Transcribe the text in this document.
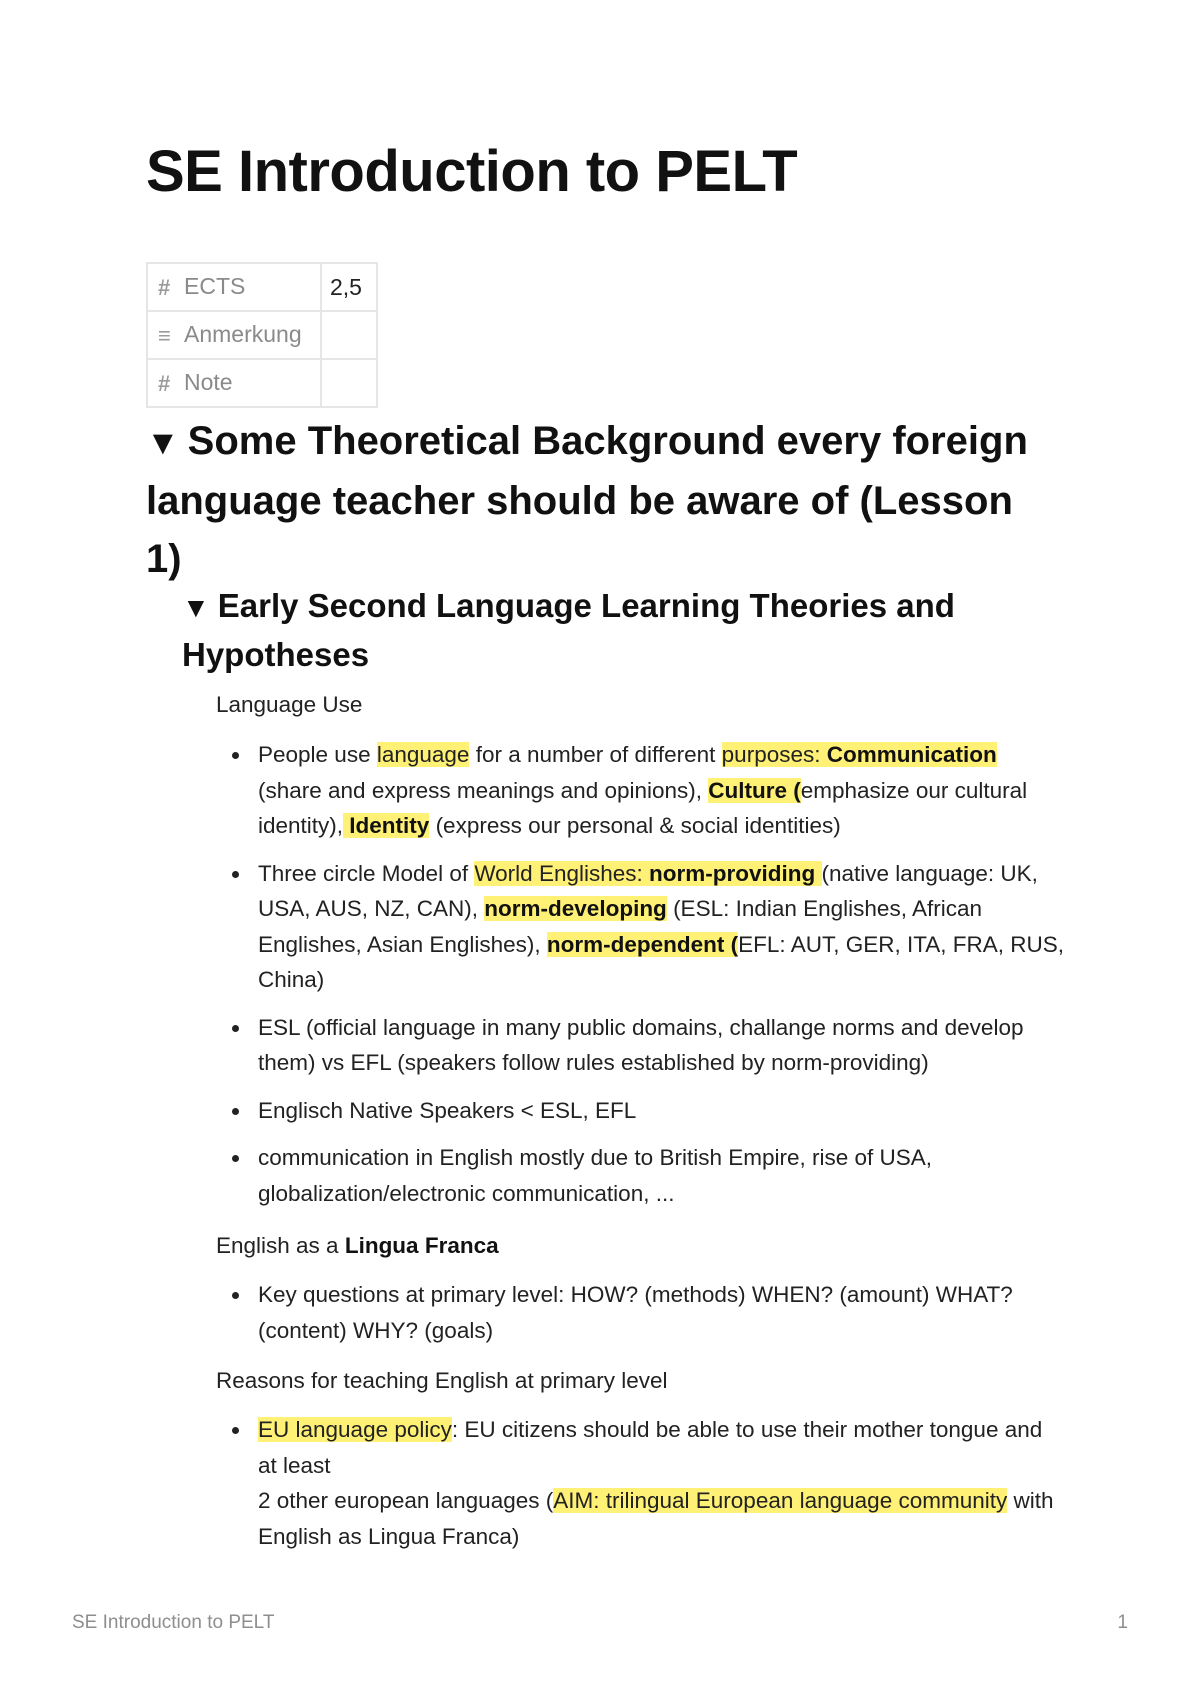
SE Introduction to PELT
# ECTS	2,5
≡ Anmerkung	
# Note	
▼ Some Theoretical Background every foreign language teacher should be aware of (Lesson 1)
▼ Early Second Language Learning Theories and Hypotheses

Language Use

People use language for a number of different purposes: Communication (share and express meanings and opinions), Culture (emphasize our cultural identity), Identity (express our personal & social identities)
Three circle Model of World Englishes: norm-providing (native language: UK, USA, AUS, NZ, CAN), norm-developing (ESL: Indian Englishes, African Englishes, Asian Englishes), norm-dependent (EFL: AUT, GER, ITA, FRA, RUS, China)
ESL (official language in many public domains, challange norms and develop them) vs EFL (speakers follow rules established by norm-providing)
Englisch Native Speakers < ESL, EFL
communication in English mostly due to British Empire, rise of USA, globalization/electronic communication, ...

English as a Lingua Franca

Key questions at primary level: HOW? (methods) WHEN? (amount) WHAT? (content) WHY? (goals)

Reasons for teaching English at primary level

EU language policy: EU citizens should be able to use their mother tongue and at least
2 other european languages (AIM: trilingual European language community with English as Lingua Franca)
SE Introduction to PELT	1
